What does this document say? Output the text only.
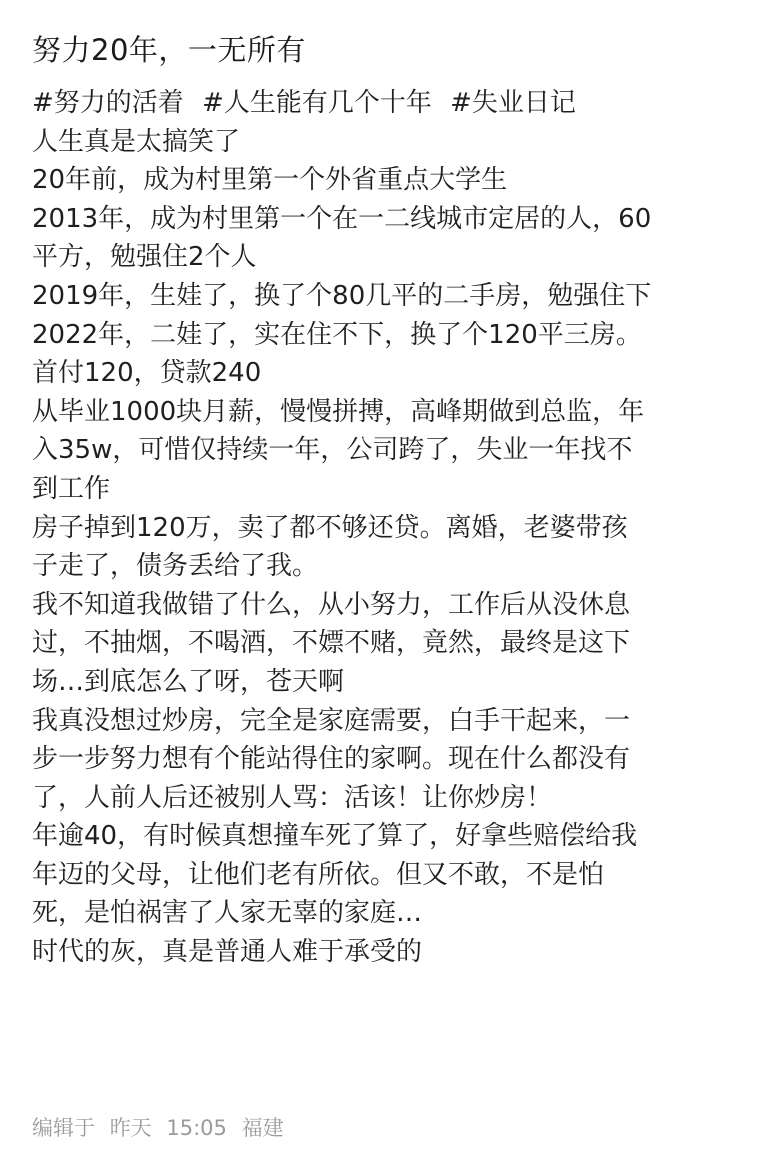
努力20年，一无所有
#努力的活着 #人生能有几个十年 #失业日记
人生真是太搞笑了
20年前，成为村里第一个外省重点大学生
2013年，成为村里第一个在一二线城市定居的人，60
平方，勉强住2个人
2019年，生娃了，换了个80几平的二手房，勉强住下
2022年，二娃了，实在住不下，换了个120平三房。
首付120，贷款240
从毕业1000块月薪，慢慢拼搏，高峰期做到总监，年
入35w，可惜仅持续一年，公司跨了，失业一年找不
到工作
房子掉到120万，卖了都不够还贷。离婚，老婆带孩
子走了，债务丢给了我。
我不知道我做错了什么，从小努力，工作后从没休息
过，不抽烟，不喝酒，不嫖不赌，竟然，最终是这下
场…到底怎么了呀，苍天啊
我真没想过炒房，完全是家庭需要，白手干起来，一
步一步努力想有个能站得住的家啊。现在什么都没有
了，人前人后还被别人骂：活该！让你炒房！
年逾40，有时候真想撞车死了算了，好拿些赔偿给我
年迈的父母，让他们老有所依。但又不敢，不是怕
死，是怕祸害了人家无辜的家庭…
时代的灰，真是普通人难于承受的
编辑于 昨天 15:05 福建
